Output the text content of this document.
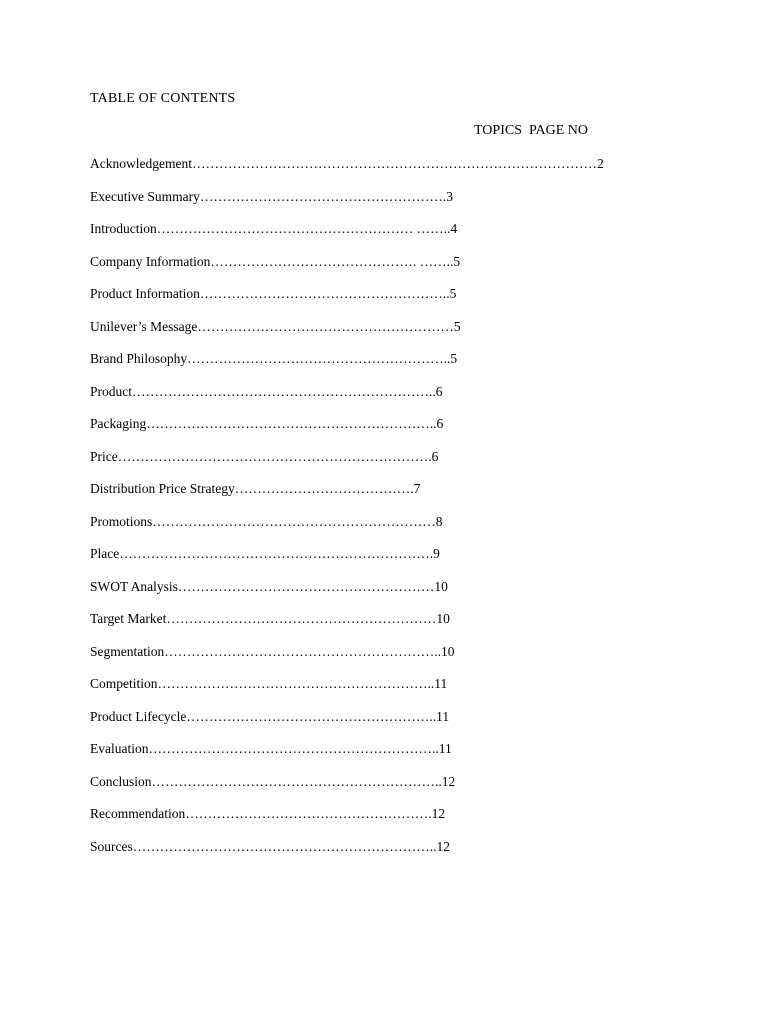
TABLE OF CONTENTS
TOPICS  PAGE NO
Acknowledgement………………………………………………………………………………2
Executive Summary……………………………………………….3
Introduction………………………………………………… ……..4
Company Information………………………………………. ……..5
Product Information………………………………………………..5
Unilever’s Message…………………………………………………5
Brand Philosophy…………………………………………………..5
Product…………………………………………………………..6
Packaging………………………………………………………..6
Price…………………………………………………………….6
Distribution Price Strategy………………………………….7
Promotions………………………………………………………8
Place…………………………………………………………….9
SWOT Analysis…………………………………………………10
Target Market……………………………………………………10
Segmentation……………………………………………………..10
Competition……………………………………………………..11
Product Lifecycle………………………………………………..11
Evaluation………………………………………………………..11
Conclusion………………………………………………………..12
Recommendation……………………………………………….12
Sources…………………………………………………………..12
